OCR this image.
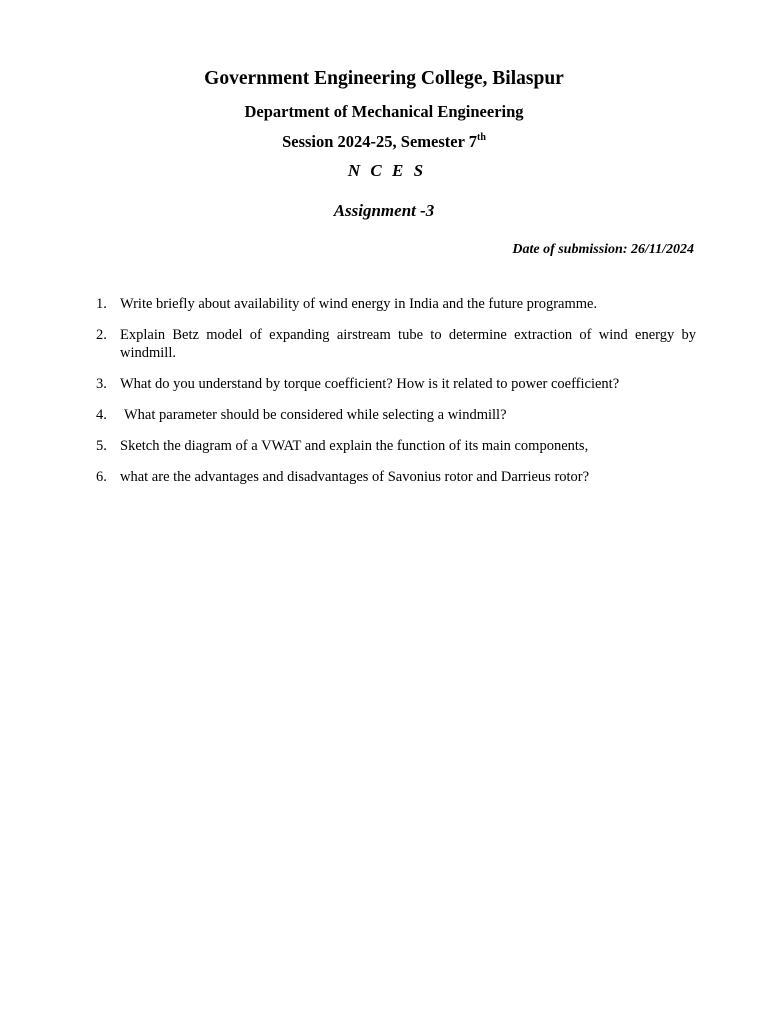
Government Engineering College, Bilaspur
Department of Mechanical Engineering
Session 2024-25, Semester 7th
N C E S
Assignment -3
Date of submission: 26/11/2024
1. Write briefly about availability of wind energy in India and the future programme.
2. Explain Betz model of expanding airstream tube to determine extraction of wind energy by windmill.
3. What do you understand by torque coefficient? How is it related to power coefficient?
4. What parameter should be considered while selecting a windmill?
5. Sketch the diagram of a VWAT and explain the function of its main components,
6. what are the advantages and disadvantages of Savonius rotor and Darrieus rotor?
